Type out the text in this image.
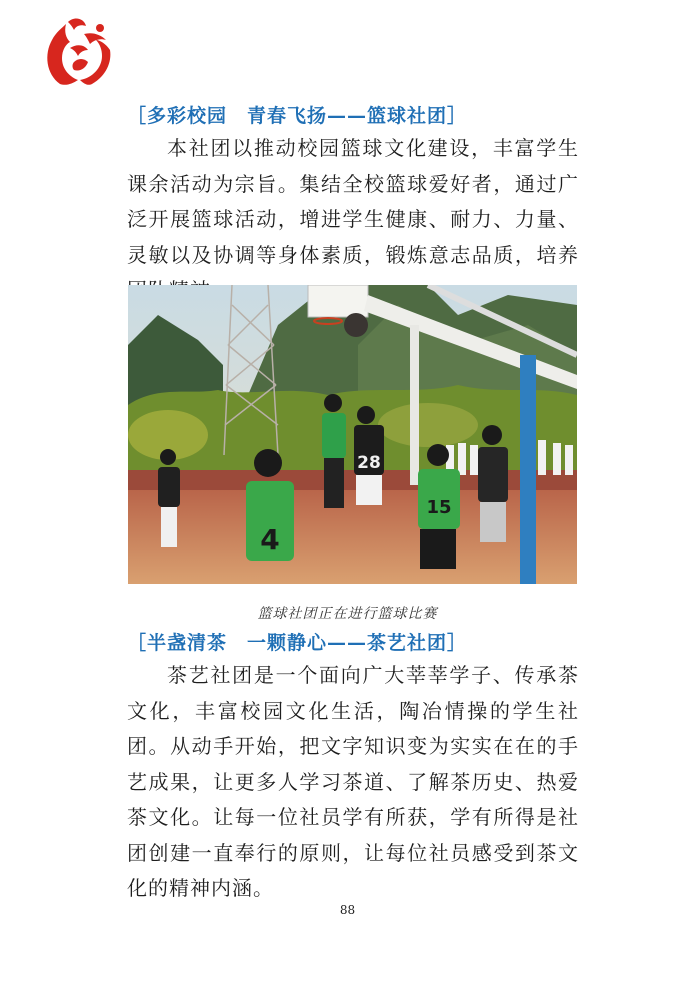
［多彩校园　青春飞扬——篮球社团］

本社团以推动校园篮球文化建设，丰富学生课余活动为宗旨。集结全校篮球爱好者，通过广泛开展篮球活动，增进学生健康、耐力、力量、灵敏以及协调等身体素质，锻炼意志品质，培养

28
4
15

篮球社团正在进行篮球比赛

［半盏清茶　一颗静心——茶艺社团］

茶艺社团是一个面向广大莘莘学子、传承茶文化，丰富校园文化生活，陶冶情操的学生社团。从动手开始，把文字知识变为实实在在的手艺成果，让更多人学习茶道、了解茶历史、热爱茶文化。让每一位社员学有所获，学有所得是社团创建一直奉行的原则，让每位社员感受到茶文化的精神内涵。

88
